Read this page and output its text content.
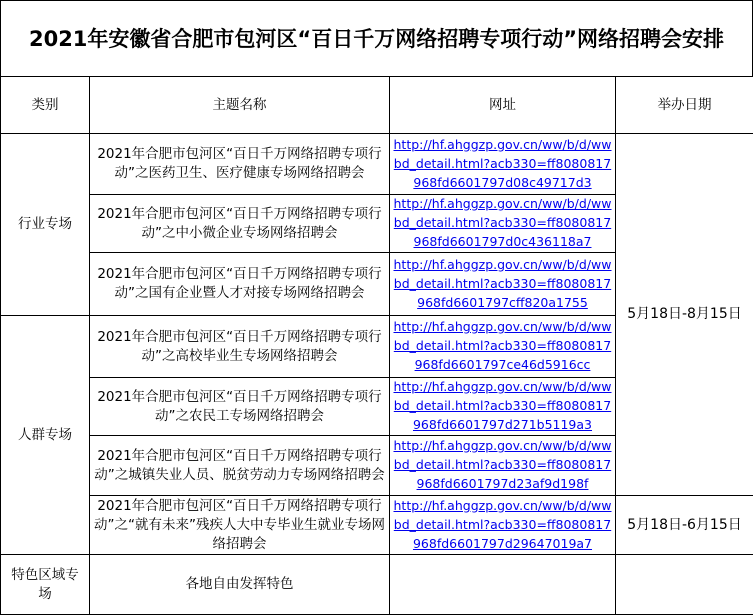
2021年安徽省合肥市包河区“百日千万网络招聘专项行动”网络招聘会安排
类别	主题名称	网址	举办日期
行业专场	2021年合肥市包河区“百日千万网络招聘专项行动”之医药卫生、医疗健康专场网络招聘会	http://hf.ahggzp.gov.cn/ww/b/d/wwbd_detail.html?acb330=ff8080817968fd6601797d08c49717d3	5月18日-8月15日
	2021年合肥市包河区“百日千万网络招聘专项行动”之中小微企业专场网络招聘会	http://hf.ahggzp.gov.cn/ww/b/d/wwbd_detail.html?acb330=ff8080817968fd6601797d0c436118a7	
	2021年合肥市包河区“百日千万网络招聘专项行动”之国有企业暨人才对接专场网络招聘会	http://hf.ahggzp.gov.cn/ww/b/d/wwbd_detail.html?acb330=ff8080817968fd6601797cff820a1755	
人群专场	2021年合肥市包河区“百日千万网络招聘专项行动”之高校毕业生专场网络招聘会	http://hf.ahggzp.gov.cn/ww/b/d/wwbd_detail.html?acb330=ff8080817968fd6601797ce46d5916cc	
	2021年合肥市包河区“百日千万网络招聘专项行动”之农民工专场网络招聘会	http://hf.ahggzp.gov.cn/ww/b/d/wwbd_detail.html?acb330=ff8080817968fd6601797d271b5119a3	
	2021年合肥市包河区“百日千万网络招聘专项行动”之城镇失业人员、脱贫劳动力专场网络招聘会	http://hf.ahggzp.gov.cn/ww/b/d/wwbd_detail.html?acb330=ff8080817968fd6601797d23af9d198f	
	2021年合肥市包河区“百日千万网络招聘专项行动”之“就有未来”残疾人大中专毕业生就业专场网络招聘会	http://hf.ahggzp.gov.cn/ww/b/d/wwbd_detail.html?acb330=ff8080817968fd6601797d29647019a7	5月18日-6月15日
特色区域专场	各地自由发挥特色		
